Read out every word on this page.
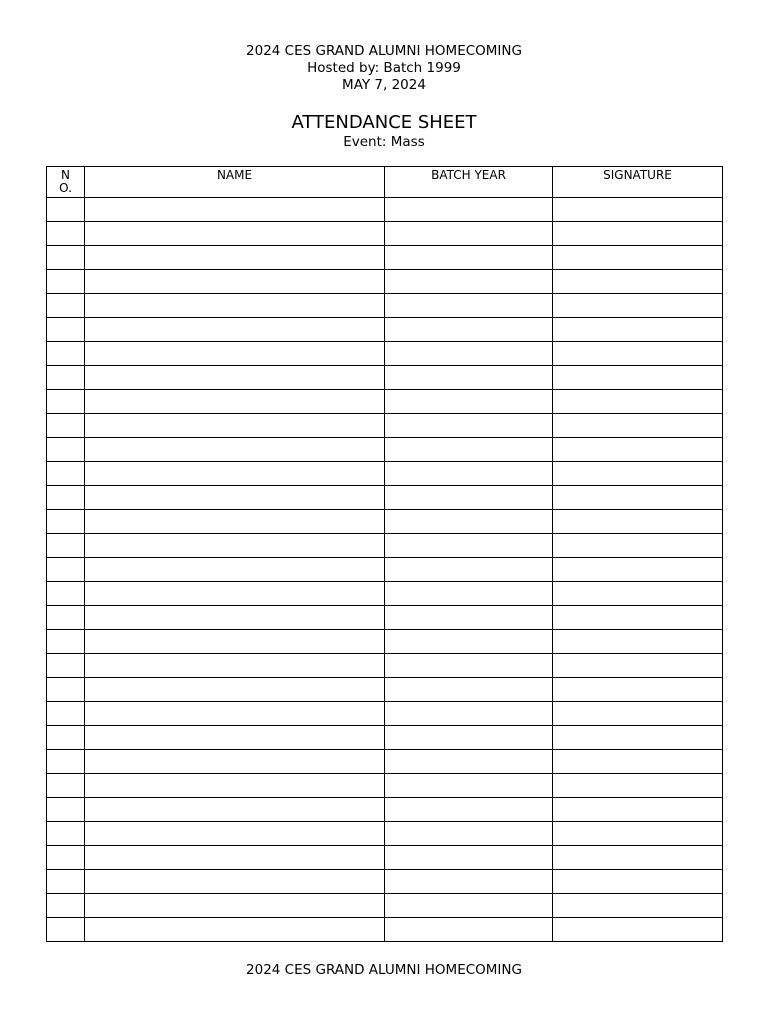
2024 CES GRAND ALUMNI HOMECOMING
Hosted by: Batch 1999
MAY 7, 2024
ATTENDANCE SHEET
Event: Mass
NO.	NAME	BATCH YEAR	SIGNATURE

2024 CES GRAND ALUMNI HOMECOMING
